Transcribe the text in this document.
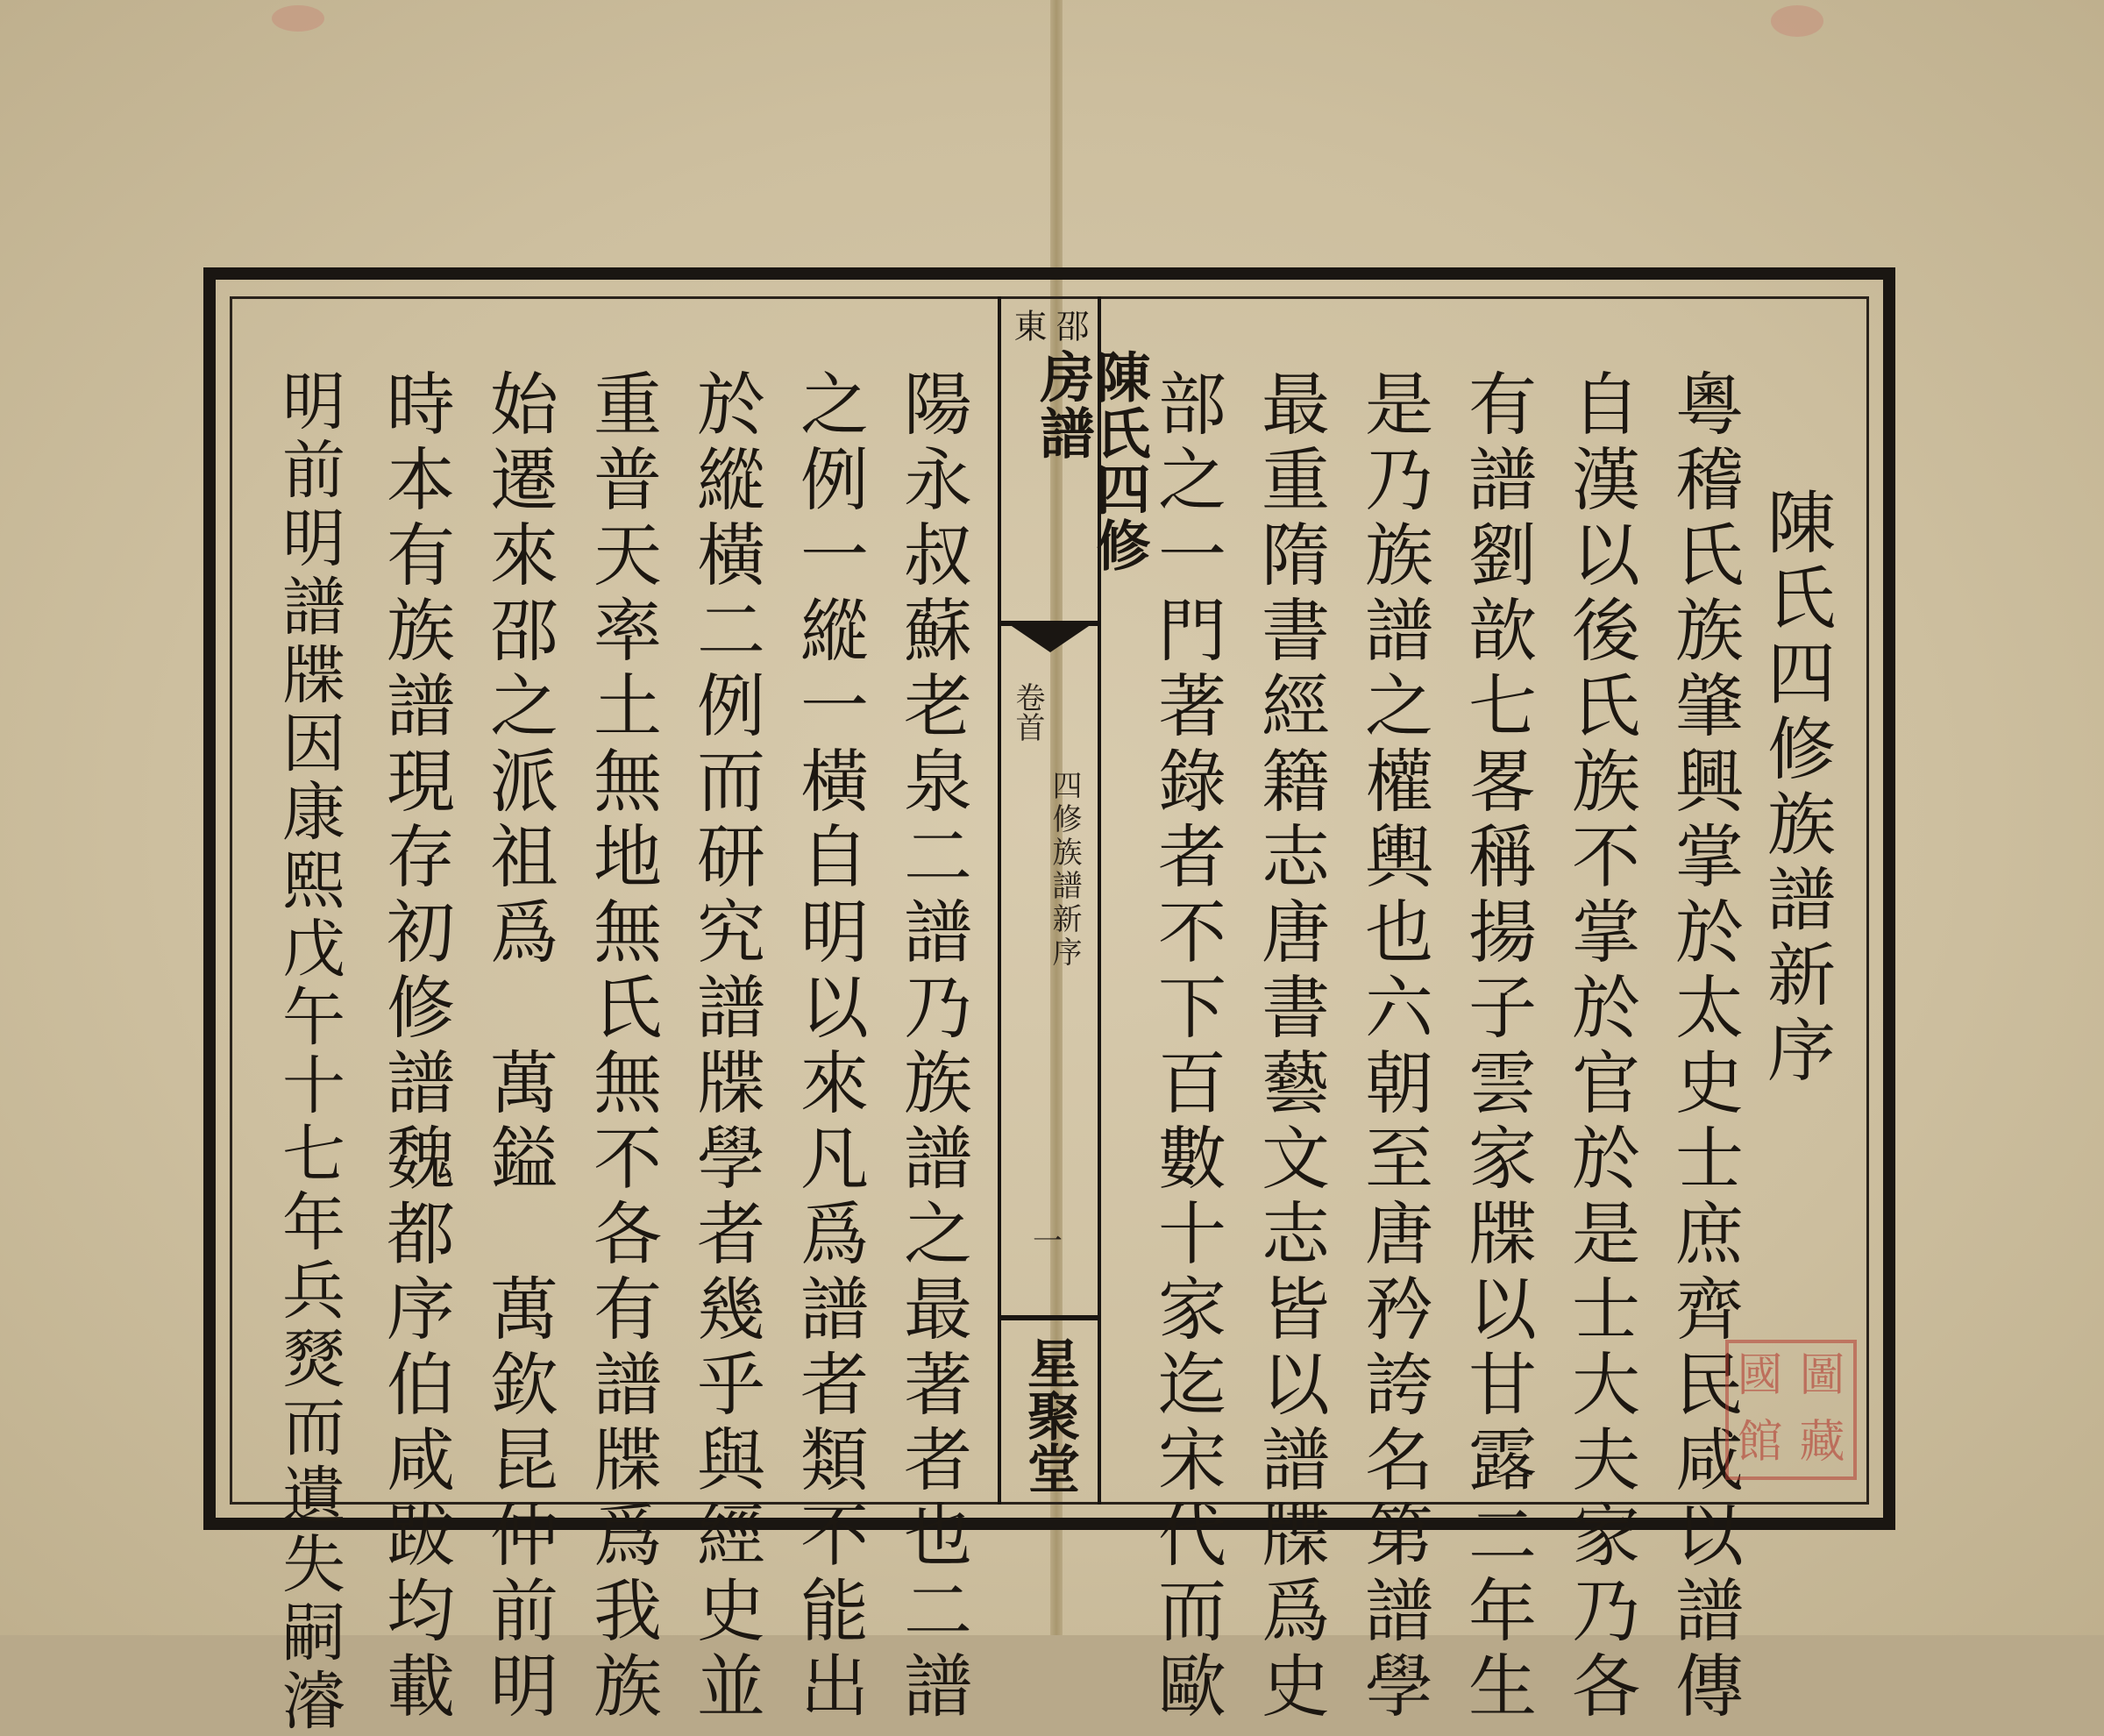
邵
東
陳氏四修房譜
卷首
四修族譜新序
一
星聚堂
陳氏四修族譜新序
粵稽氏族肇興掌於太史士庶齊民咸以譜傳
自漢以後氏族不掌於官於是士大夫家乃各
有譜劉歆七畧稱揚子雲家牒以甘露二年生
是乃族譜之權輿也六朝至唐矜誇名第譜學
最重隋書經籍志唐書藝文志皆以譜牒爲史
部之一門著錄者不下百數十家迄宋代而歐
陽永叔蘇老泉二譜乃族譜之最著者也二譜
之例一縱一橫自明以來凡爲譜者類不能出
於縱橫二例而研究譜牒學者幾乎與經史並
重普天率土無地無氏無不各有譜牒爲我族
始遷來邵之派祖爲　萬鎰　萬欽昆仲前明
時本有族譜現存初修譜魏都序伯咸跋均載
明前明譜牒因康熙戊午十七年兵燹而遺失嗣濬	國 圖
館 藏
